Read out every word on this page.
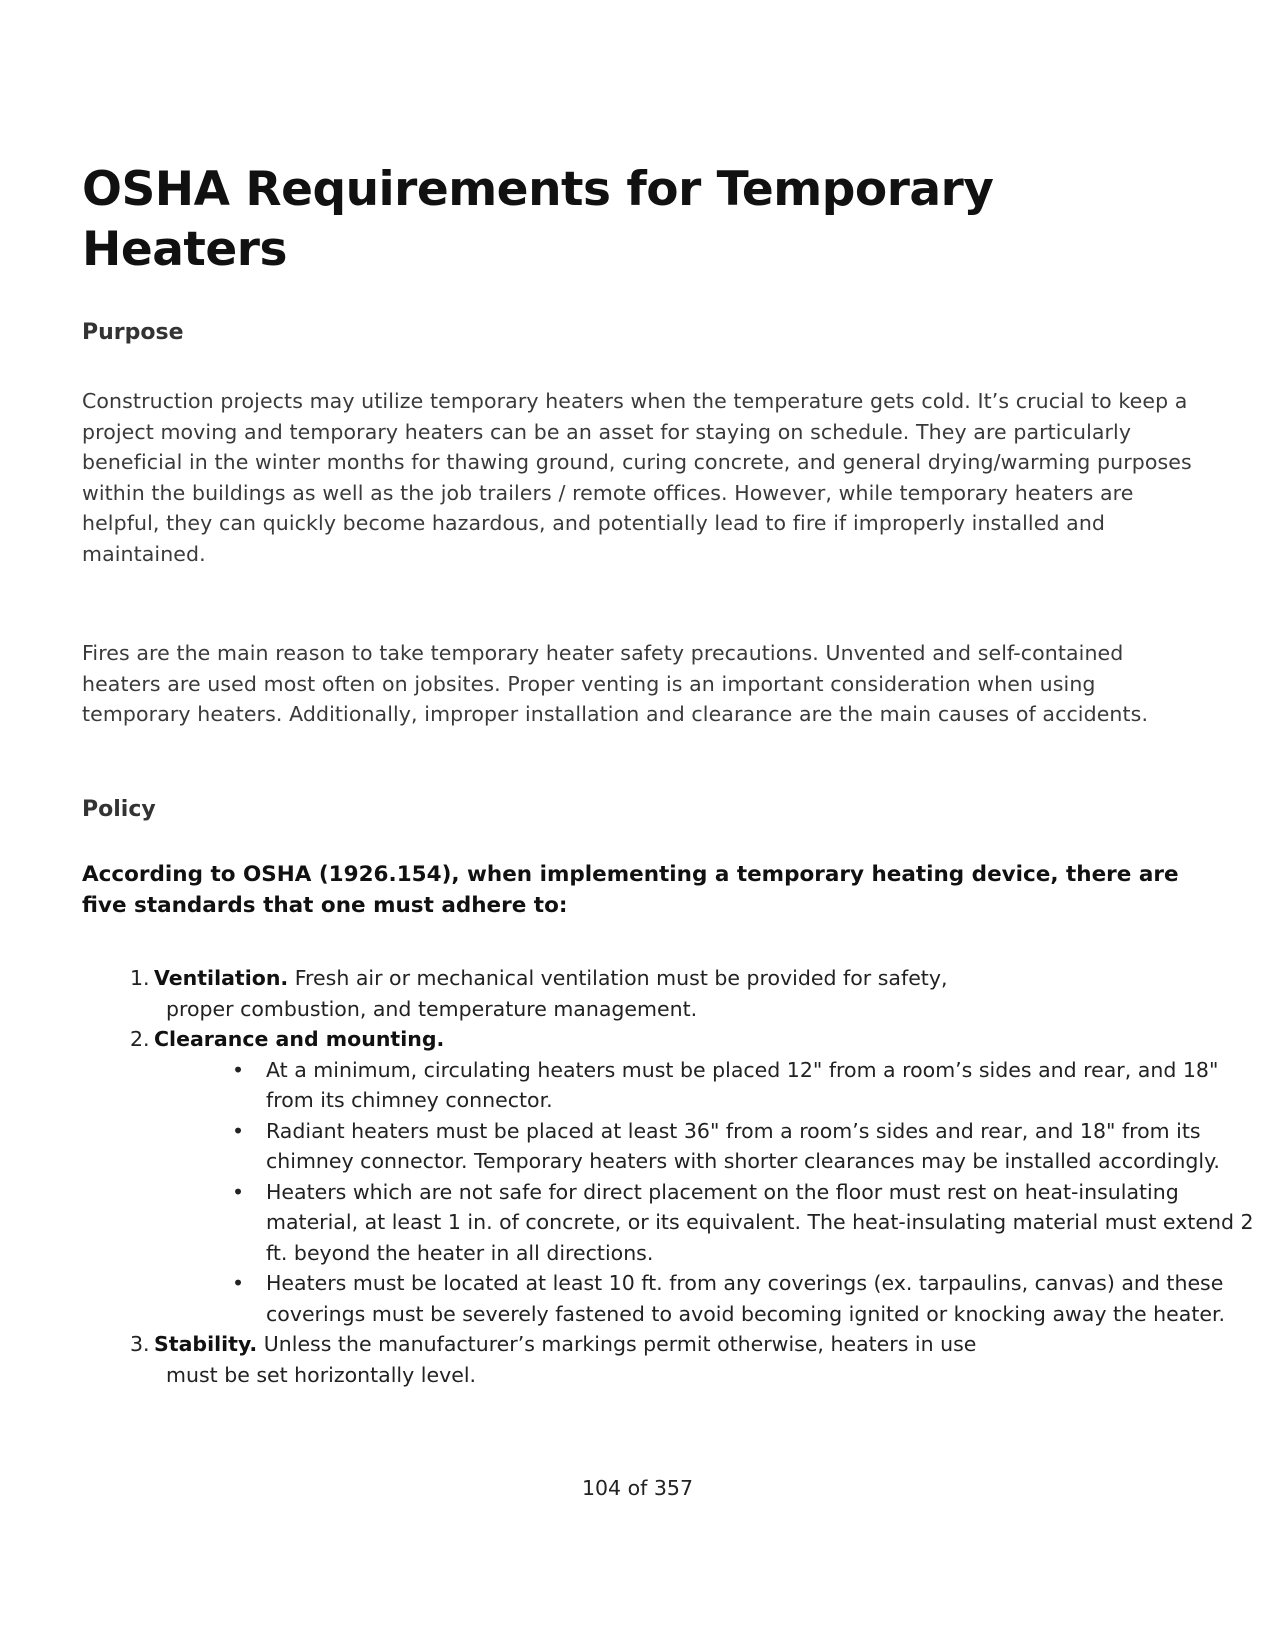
OSHA Requirements for Temporary Heaters
Purpose

Construction projects may utilize temporary heaters when the temperature gets cold. It’s crucial to keep a project moving and temporary heaters can be an asset for staying on schedule. They are particularly beneficial in the winter months for thawing ground, curing concrete, and general drying/warming purposes within the buildings as well as the job trailers / remote offices. However, while temporary heaters are helpful, they can quickly become hazardous, and potentially lead to fire if improperly installed and maintained.

Fires are the main reason to take temporary heater safety precautions. Unvented and self-contained heaters are used most often on jobsites. Proper venting is an important consideration when using temporary heaters. Additionally, improper installation and clearance are the main causes of accidents.

Policy

According to OSHA (1926.154), when implementing a temporary heating device, there are five standards that one must adhere to:

1. Ventilation. Fresh air or mechanical ventilation must be provided for safety,
proper combustion, and temperature management.
2. Clearance and mounting.
• At a minimum, circulating heaters must be placed 12" from a room’s sides and rear, and 18" from its chimney connector.
• Radiant heaters must be placed at least 36" from a room’s sides and rear, and 18" from its chimney connector. Temporary heaters with shorter clearances may be installed accordingly.
• Heaters which are not safe for direct placement on the floor must rest on heat-insulating material, at least 1 in. of concrete, or its equivalent. The heat-insulating material must extend 2 ft. beyond the heater in all directions.
• Heaters must be located at least 10 ft. from any coverings (ex. tarpaulins, canvas) and these coverings must be severely fastened to avoid becoming ignited or knocking away the heater.
3. Stability. Unless the manufacturer’s markings permit otherwise, heaters in use
must be set horizontally level.
104 of 357
